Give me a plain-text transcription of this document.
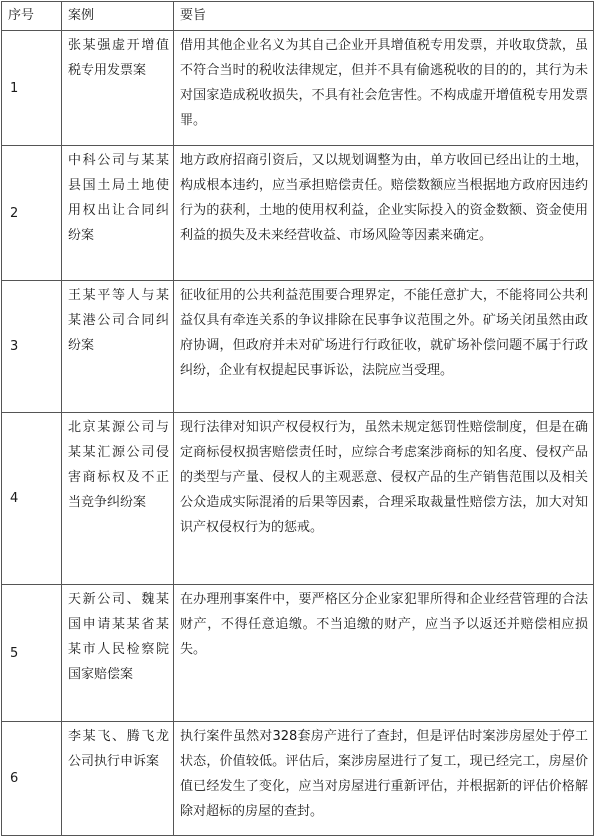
序号	案例	要旨
1	张某强虚开增值税专用发票案	借用其他企业名义为其自己企业开具增值税专用发票，并收取贷款，虽不符合当时的税收法律规定，但并不具有偷逃税收的目的的，其行为未对国家造成税收损失，不具有社会危害性。不构成虚开增值税专用发票罪。
2	中科公司与某某县国土局土地使用权出让合同纠纷案	地方政府招商引资后，又以规划调整为由，单方收回已经出让的土地，构成根本违约，应当承担赔偿责任。赔偿数额应当根据地方政府因违约行为的获利，土地的使用权利益，企业实际投入的资金数额、资金使用利益的损失及未来经营收益、市场风险等因素来确定。
3	王某平等人与某某港公司合同纠纷案	征收征用的公共利益范围要合理界定，不能任意扩大，不能将同公共利益仅具有牵连关系的争议排除在民事争议范围之外。矿场关闭虽然由政府协调，但政府并未对矿场进行行政征收，就矿场补偿问题不属于行政纠纷，企业有权提起民事诉讼，法院应当受理。
4	北京某源公司与某某汇源公司侵害商标权及不正当竞争纠纷案	现行法律对知识产权侵权行为，虽然未规定惩罚性赔偿制度，但是在确定商标侵权损害赔偿责任时，应综合考虑案涉商标的知名度、侵权产品的类型与产量、侵权人的主观恶意、侵权产品的生产销售范围以及相关公众造成实际混淆的后果等因素，合理采取裁量性赔偿方法，加大对知识产权侵权行为的惩戒。
5	天新公司、魏某国申请某某省某某市人民检察院国家赔偿案	在办理刑事案件中，要严格区分企业家犯罪所得和企业经营管理的合法财产，不得任意追缴。不当追缴的财产，应当予以返还并赔偿相应损失。
6	李某飞、腾飞龙公司执行申诉案	执行案件虽然对328套房产进行了查封，但是评估时案涉房屋处于停工状态，价值较低。评估后，案涉房屋进行了复工，现已经完工，房屋价值已经发生了变化，应当对房屋进行重新评估，并根据新的评估价格解除对超标的房屋的查封。
